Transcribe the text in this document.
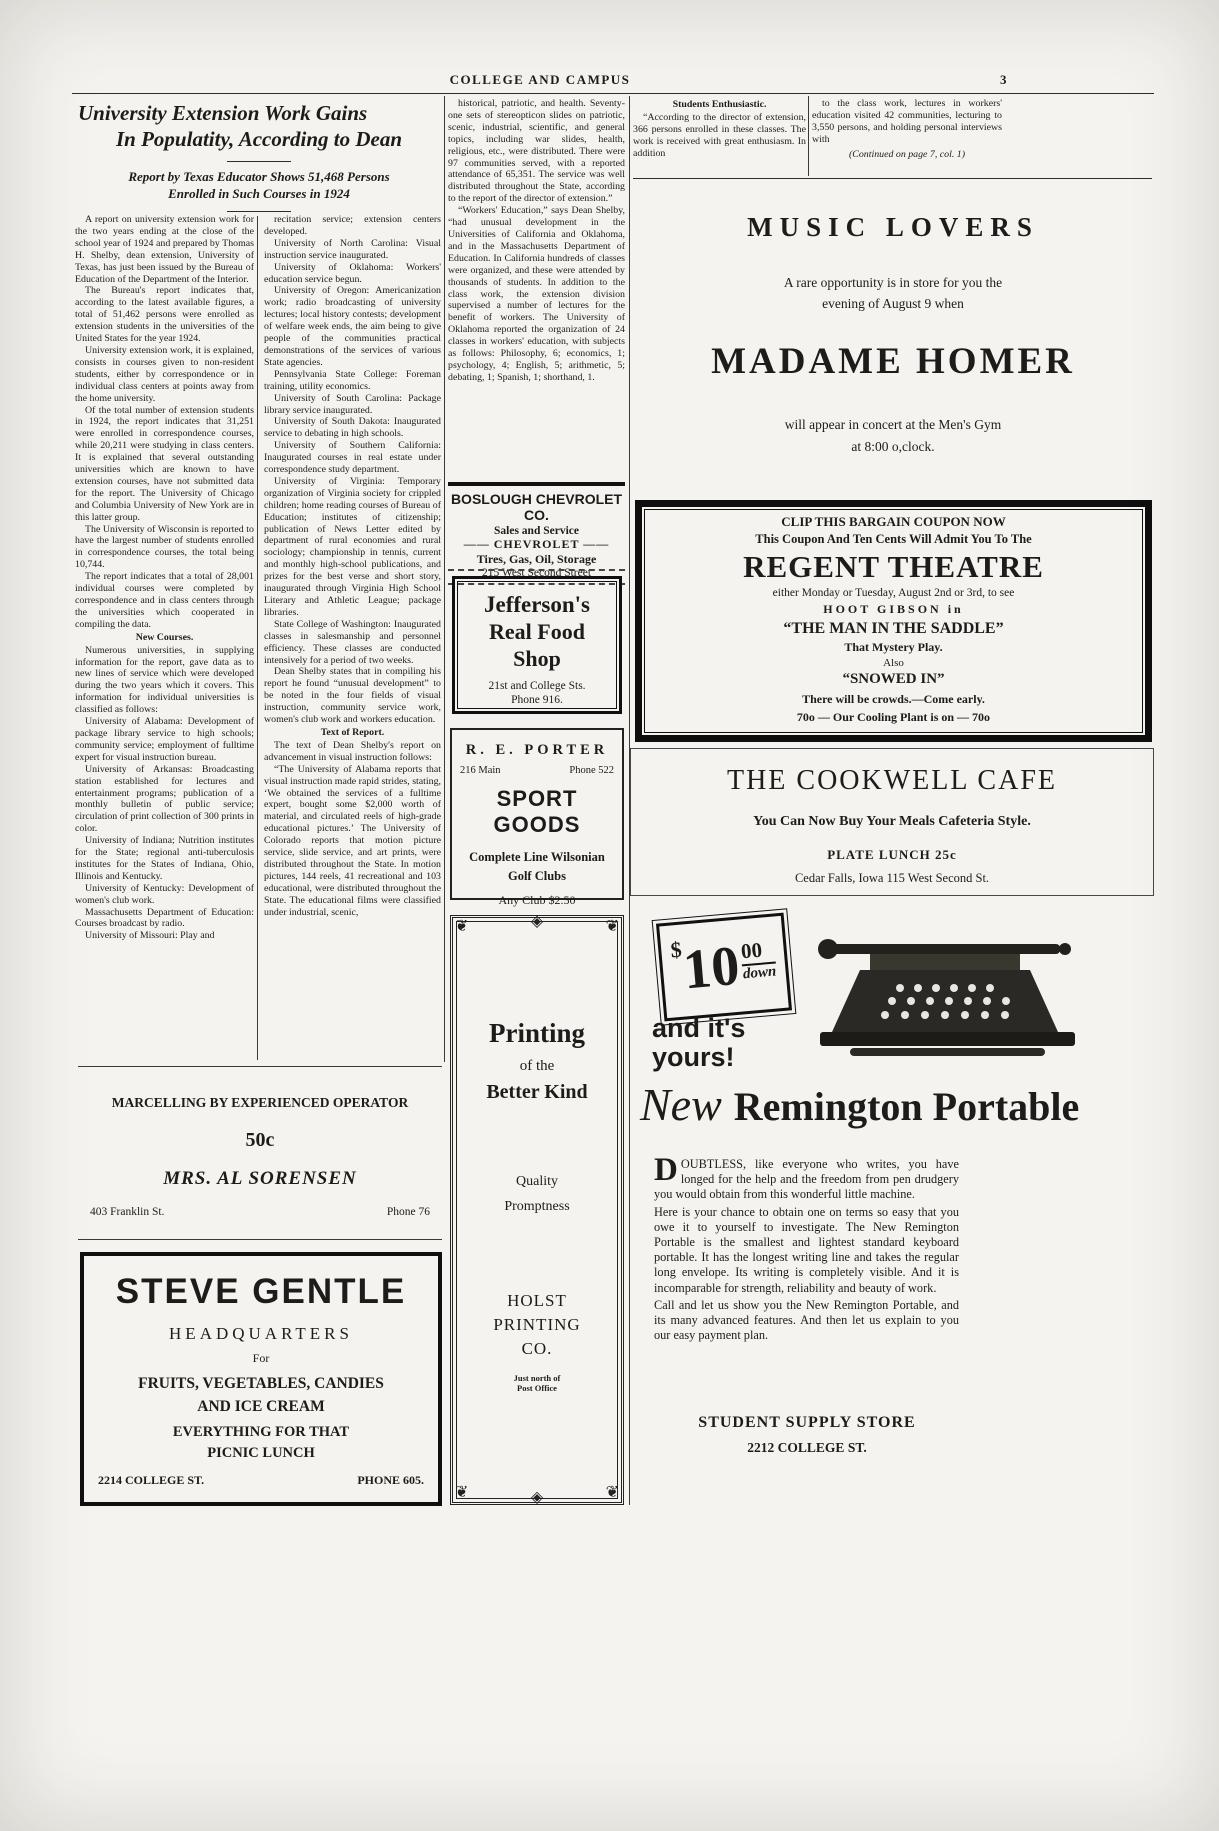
COLLEGE AND CAMPUS	3
University Extension Work Gains
In Populatity, According to Dean
Report by Texas Educator Shows 51,468 Persons
Enrolled in Such Courses in 1924

A report on university extension work for the two years ending at the close of the school year of 1924 and prepared by Thomas H. Shelby, dean extension, University of Texas, has just been issued by the Bureau of Education of the Department of the Interior.

The Bureau's report indicates that, according to the latest available figures, a total of 51,462 persons were enrolled as extension students in the universities of the United States for the year 1924.

University extension work, it is explained, consists in courses given to non-resident students, either by correspondence or in individual class centers at points away from the home university.

Of the total number of extension students in 1924, the report indicates that 31,251 were enrolled in correspondence courses, while 20,211 were studying in class centers. It is explained that several outstanding universities which are known to have extension courses, have not submitted data for the report. The University of Chicago and Columbia University of New York are in this latter group.

The University of Wisconsin is reported to have the largest number of students enrolled in correspondence courses, the total being 10,744.

The report indicates that a total of 28,001 individual courses were completed by correspondence and in class centers through the universities which cooperated in compiling the data.

New Courses.

Numerous universities, in supplying information for the report, gave data as to new lines of service which were developed during the two years which it covers. This information for individual universities is classified as follows:

University of Alabama: Development of package library service to high schools; community service; employment of fulltime expert for visual instruction bureau.

University of Arkansas: Broadcasting station established for lectures and entertainment programs; publication of a monthly bulletin of public service; circulation of print collection of 300 prints in color.

University of Indiana; Nutrition institutes for the State; regional anti-tuberculosis institutes for the States of Indiana, Ohio, Illinois and Kentucky.

University of Kentucky: Development of women's club work.

Massachusetts Department of Education: Courses broadcast by radio.

University of Missouri: Play and

recitation service; extension centers developed.

University of North Carolina: Visual instruction service inaugurated.

University of Oklahoma: Workers' education service begun.

University of Oregon: Americanization work; radio broadcasting of university lectures; local history contests; development of welfare week ends, the aim being to give people of the communities practical demonstrations of the services of various State agencies.

Pennsylvania State College: Foreman training, utility economics.

University of South Carolina: Package library service inaugurated.

University of South Dakota: Inaugurated service to debating in high schools.

University of Southern California: Inaugurated courses in real estate under correspondence study department.

University of Virginia: Temporary organization of Virginia society for crippled children; home reading courses of Bureau of Education; institutes of citizenship; publication of News Letter edited by department of rural economies and rural sociology; championship in tennis, current and monthly high-school publications, and prizes for the best verse and short story, inaugurated through Virginia High School Literary and Athletic League; package libraries.

State College of Washington: Inaugurated classes in salesmanship and personnel efficiency. These classes are conducted intensively for a period of two weeks.

Dean Shelby states that in compiling his report he found “unusual development” to be noted in the four fields of visual instruction, community service work, women's club work and workers education.

Text of Report.

The text of Dean Shelby's report on advancement in visual instruction follows:

“The University of Alabama reports that visual instruction made rapid strides, stating, ‘We obtained the services of a fulltime expert, bought some $2,000 worth of material, and circulated reels of high-grade educational pictures.’ The University of Colorado reports that motion picture service, slide service, and art prints, were distributed throughout the State. In motion pictures, 144 reels, 41 recreational and 103 educational, were distributed throughout the State. The educational films were classified under industrial, scenic,

historical, patriotic, and health. Seventy-one sets of stereopticon slides on patriotic, scenic, industrial, scientific, and general topics, including war slides, health, religious, etc., were distributed. There were 97 communities served, with a reported attendance of 65,351. The service was well distributed throughout the State, according to the report of the director of extension.”

“Workers' Education,” says Dean Shelby, “had unusual development in the Universities of California and Oklahoma, and in the Massachusetts Department of Education. In California hundreds of classes were organized, and these were attended by thousands of students. In addition to the class work, the extension division supervised a number of lectures for the benefit of workers. The University of Oklahoma reported the organization of 24 classes in workers' education, with subjects as follows: Philosophy, 6; economics, 1; psychology, 4; English, 5; arithmetic, 5; debating, 1; Spanish, 1; shorthand, 1.

Students Enthusiastic.

“According to the director of extension, 366 persons enrolled in these classes. The work is received with great enthusiasm. In addition

to the class work, lectures in workers' education visited 42 communities, lecturing to 3,550 persons, and holding personal interviews with

(Continued on page 7, col. 1)

BOSLOUGH CHEVROLET CO.
Sales and Service
—— CHEVROLET ——
Tires, Gas, Oil, Storage
215 West Second Street
Jefferson's
Real Food
Shop
21st and College Sts.
Phone 916.
R. E. PORTER
216 Main	Phone 522
SPORT GOODS
Complete Line Wilsonian
Golf Clubs
Any Club $2.50
❦	❦
❦	❦
◈
◈
Printing
of the
Better Kind
Quality
Promptness
HOLST
PRINTING
CO.
Just north of
Post Office
MUSIC LOVERS
A rare opportunity is in store for you the
evening of August 9 when
MADAME HOMER
will appear in concert at the Men's Gym
at 8:00 o,clock.
CLIP THIS BARGAIN COUPON NOW
This Coupon And Ten Cents Will Admit You To The
REGENT THEATRE
either Monday or Tuesday, August 2nd or 3rd, to see
HOOT GIBSON in
“THE MAN IN THE SADDLE”
That Mystery Play.
Also
“SNOWED IN”
There will be crowds.—Come early.
70o — Our Cooling Plant is on — 70o
THE COOKWELL CAFE
You Can Now Buy Your Meals Cafeteria Style.
PLATE LUNCH 25c
Cedar Falls, Iowa 115 West Second St.
$
10
$\frac{00}{\text{down}}$
and it's
yours!
New Remington Portable

DOUBTLESS, like everyone who writes, you have longed for the help and the freedom from pen drudgery you would obtain from this wonderful little machine.

Here is your chance to obtain one on terms so easy that you owe it to yourself to investigate. The New Remington Portable is the smallest and lightest standard keyboard portable. It has the longest writing line and takes the regular long envelope. Its writing is completely visible. And it is incomparable for strength, reliability and beauty of work.

Call and let us show you the New Remington Portable, and its many advanced features. And then let us explain to you our easy payment plan.

STUDENT SUPPLY STORE
2212 COLLEGE ST.
MARCELLING BY EXPERIENCED OPERATOR
50c
MRS. AL SORENSEN
403 Franklin St.	Phone 76
STEVE GENTLE
HEADQUARTERS
For
FRUITS, VEGETABLES, CANDIES
AND ICE CREAM
EVERYTHING FOR THAT
PICNIC LUNCH
2214 COLLEGE ST.	PHONE 605.
